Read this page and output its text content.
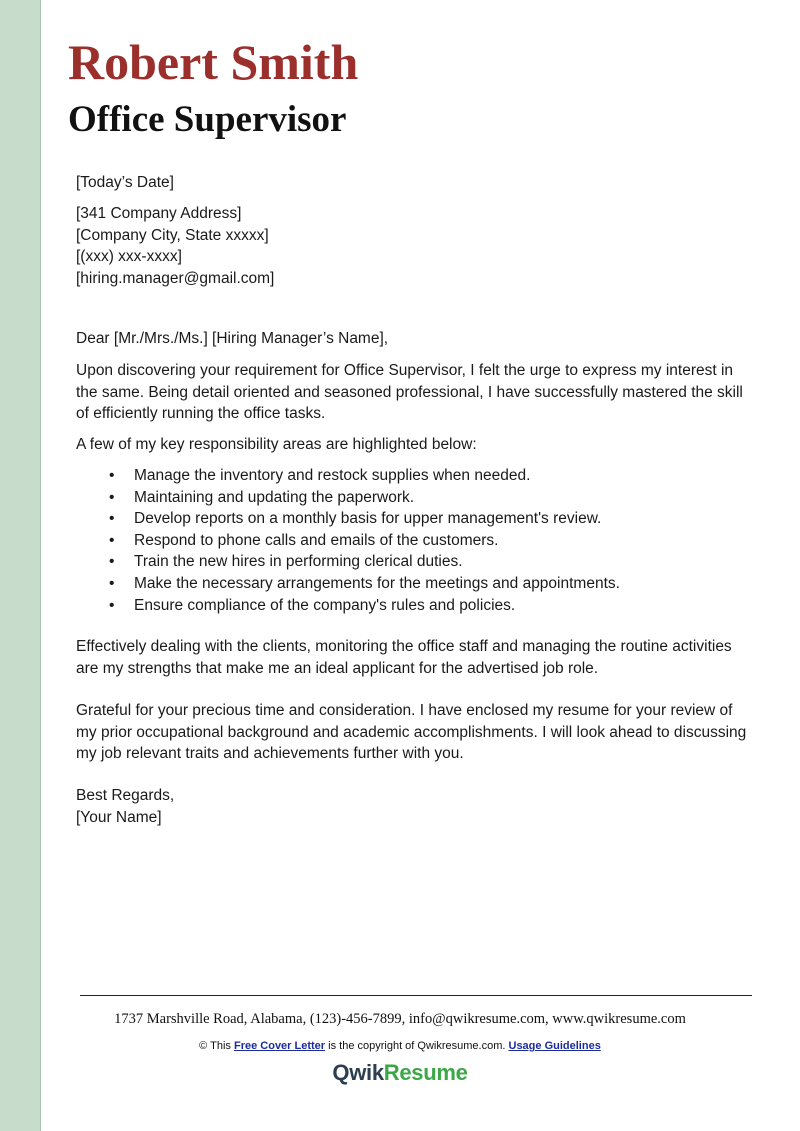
Robert Smith
Office Supervisor

[Today’s Date]

[341 Company Address]

[Company City, State xxxxx]

[(xxx) xxx-xxxx]

[hiring.manager@gmail.com]

Dear [Mr./Mrs./Ms.] [Hiring Manager’s Name],

Upon discovering your requirement for Office Supervisor, I felt the urge to express my interest in the same. Being detail oriented and seasoned professional, I have successfully mastered the skill of efficiently running the office tasks.

A few of my key responsibility areas are highlighted below:

• Manage the inventory and restock supplies when needed.
• Maintaining and updating the paperwork.
• Develop reports on a monthly basis for upper management's review.
• Respond to phone calls and emails of the customers.
• Train the new hires in performing clerical duties.
• Make the necessary arrangements for the meetings and appointments.
• Ensure compliance of the company's rules and policies.

Effectively dealing with the clients, monitoring the office staff and managing the routine activities are my strengths that make me an ideal applicant for the advertised job role.

Grateful for your precious time and consideration. I have enclosed my resume for your review of my prior occupational background and academic accomplishments. I will look ahead to discussing my job relevant traits and achievements further with you.

Best Regards,

[Your Name]

1737 Marshville Road, Alabama, (123)-456-7899, info@qwikresume.com, www.qwikresume.com
© This Free Cover Letter is the copyright of Qwikresume.com. Usage Guidelines
QwikResume
